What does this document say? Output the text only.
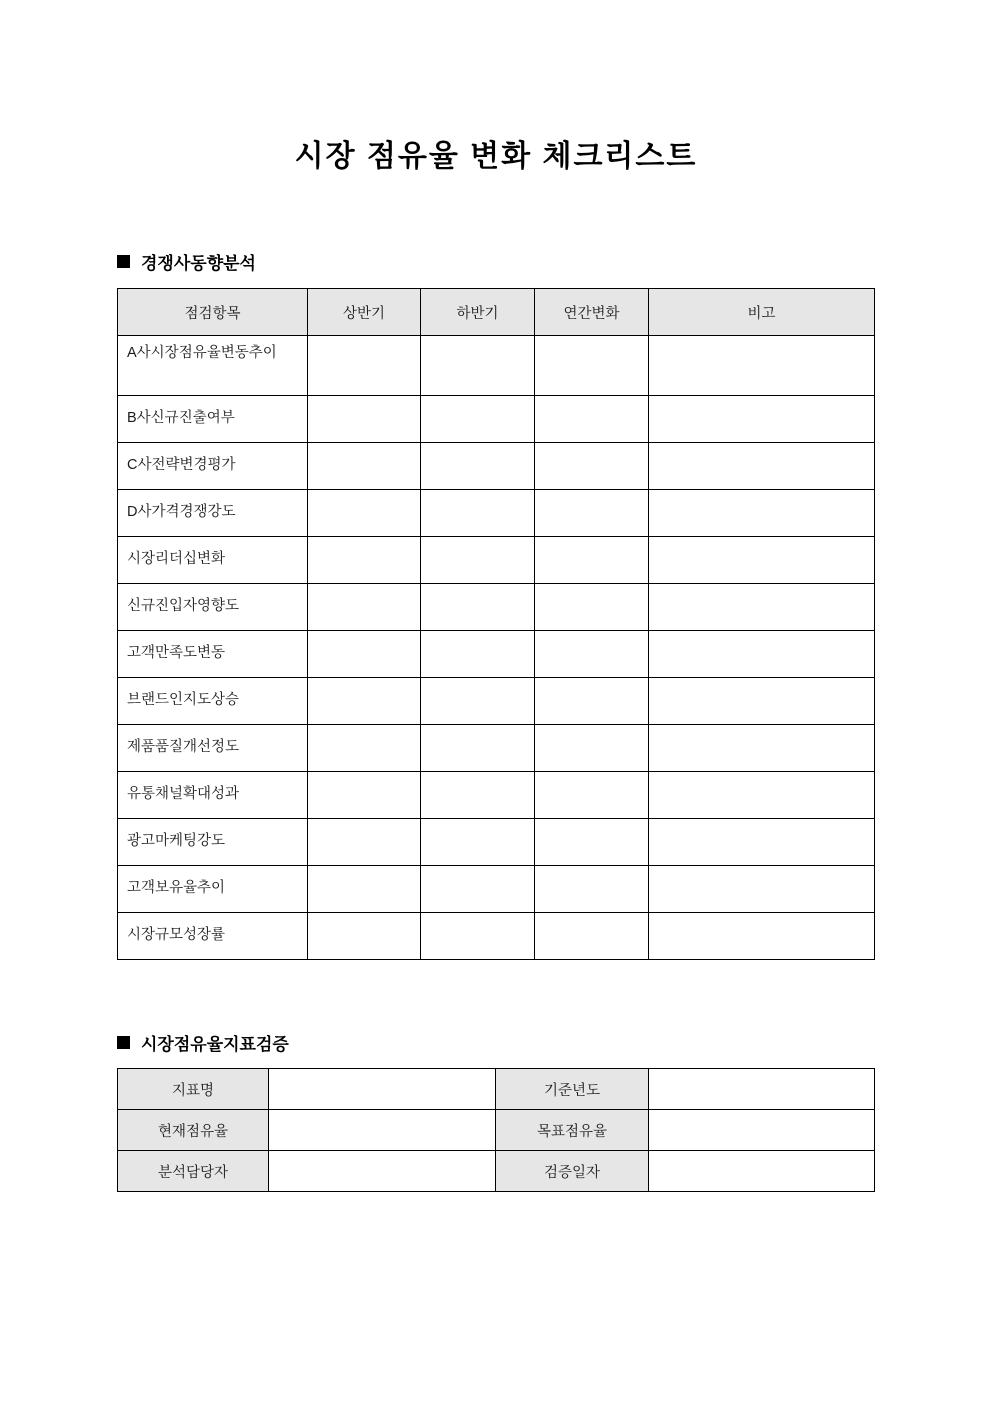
시장 점유율 변화 체크리스트
경쟁사동향분석
점검항목	상반기	하반기	연간변화	비고
A사시장점유율변동추이				
B사신규진출여부				
C사전략변경평가				
D사가격경쟁강도				
시장리더십변화				
신규진입자영향도				
고객만족도변동				
브랜드인지도상승				
제품품질개선정도				
유통채널확대성과				
광고마케팅강도				
고객보유율추이				
시장규모성장률				
시장점유율지표검증
지표명		기준년도	
현재점유율		목표점유율	
분석담당자		검증일자	
